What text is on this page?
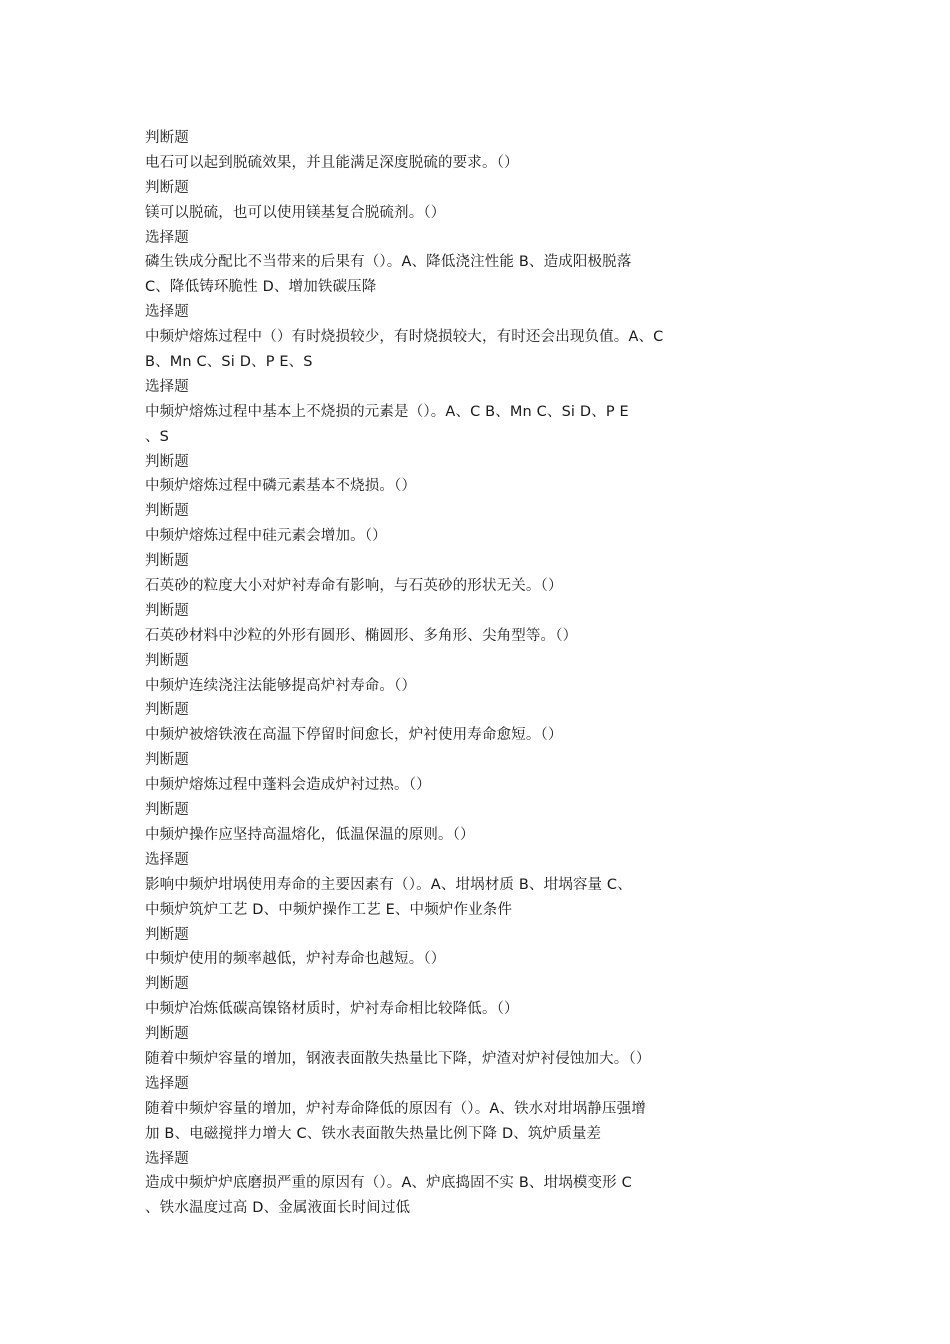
判断题
电石可以起到脱硫效果，并且能满足深度脱硫的要求。（）
判断题
镁可以脱硫，也可以使用镁基复合脱硫剂。（）
选择题
磷生铁成分配比不当带来的后果有（）。A、降低浇注性能 B、造成阳极脱落
C、降低铸环脆性 D、增加铁碳压降
选择题
中频炉熔炼过程中（）有时烧损较少，有时烧损较大，有时还会出现负值。A、C
B、Mn C、Si D、P E、S
选择题
中频炉熔炼过程中基本上不烧损的元素是（）。A、C B、Mn C、Si D、P E
、S
判断题
中频炉熔炼过程中磷元素基本不烧损。（）
判断题
中频炉熔炼过程中硅元素会增加。（）
判断题
石英砂的粒度大小对炉衬寿命有影响，与石英砂的形状无关。（）
判断题
石英砂材料中沙粒的外形有圆形、椭圆形、多角形、尖角型等。（）
判断题
中频炉连续浇注法能够提高炉衬寿命。（）
判断题
中频炉被熔铁液在高温下停留时间愈长，炉衬使用寿命愈短。（）
判断题
中频炉熔炼过程中蓬料会造成炉衬过热。（）
判断题
中频炉操作应坚持高温熔化，低温保温的原则。（）
选择题
影响中频炉坩埚使用寿命的主要因素有（）。A、坩埚材质 B、坩埚容量 C、
中频炉筑炉工艺 D、中频炉操作工艺 E、中频炉作业条件
判断题
中频炉使用的频率越低，炉衬寿命也越短。（）
判断题
中频炉冶炼低碳高镍铬材质时，炉衬寿命相比较降低。（）
判断题
随着中频炉容量的增加，钢液表面散失热量比下降，炉渣对炉衬侵蚀加大。（）
选择题
随着中频炉容量的增加，炉衬寿命降低的原因有（）。A、铁水对坩埚静压强增
加 B、电磁搅拌力增大 C、铁水表面散失热量比例下降 D、筑炉质量差
选择题
造成中频炉炉底磨损严重的原因有（）。A、炉底捣固不实 B、坩埚模变形 C
、铁水温度过高 D、金属液面长时间过低
